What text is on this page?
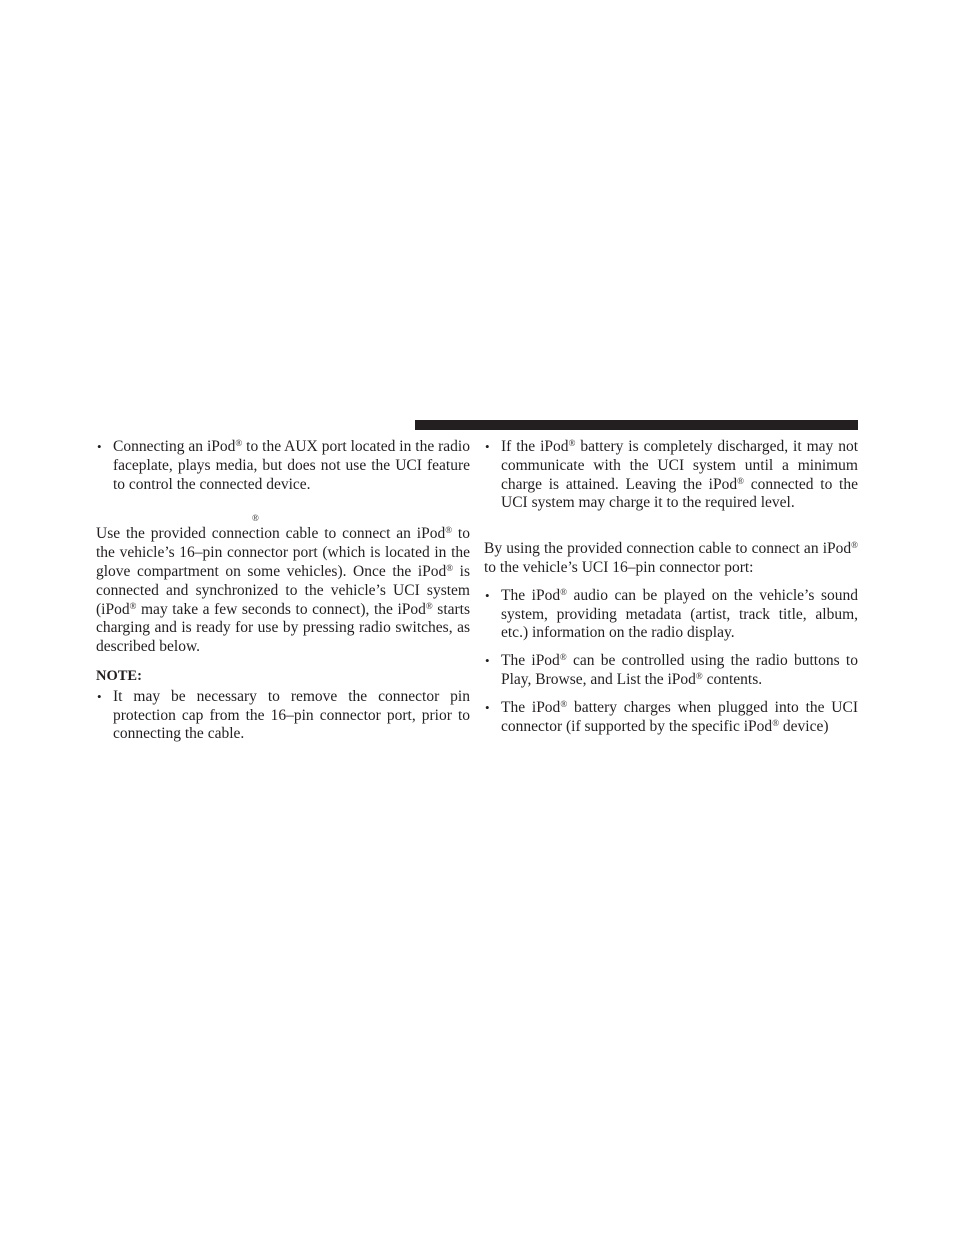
• Connecting an iPod® to the AUX port located in the radio faceplate, plays media, but does not use the UCI feature to control the connected device.
®

Use the provided connection cable to connect an iPod® to the vehicle’s 16–pin connector port (which is located in the glove compartment on some vehicles). Once the iPod® is connected and synchronized to the vehicle’s UCI system (iPod® may take a few seconds to connect), the iPod® starts charging and is ready for use by pressing radio switches, as described below.

NOTE:
• It may be necessary to remove the connector pin protection cap from the 16–pin connector port, prior to connecting the cable.
• If the iPod® battery is completely discharged, it may not communicate with the UCI system until a minimum charge is attained. Leaving the iPod® connected to the UCI system may charge it to the required level.

By using the provided connection cable to connect an iPod® to the vehicle’s UCI 16–pin connector port:

• The iPod® audio can be played on the vehicle’s sound system, providing metadata (artist, track title, album, etc.) information on the radio display.
• The iPod® can be controlled using the radio buttons to Play, Browse, and List the iPod® contents.
• The iPod® battery charges when plugged into the UCI connector (if supported by the specific iPod® device)
